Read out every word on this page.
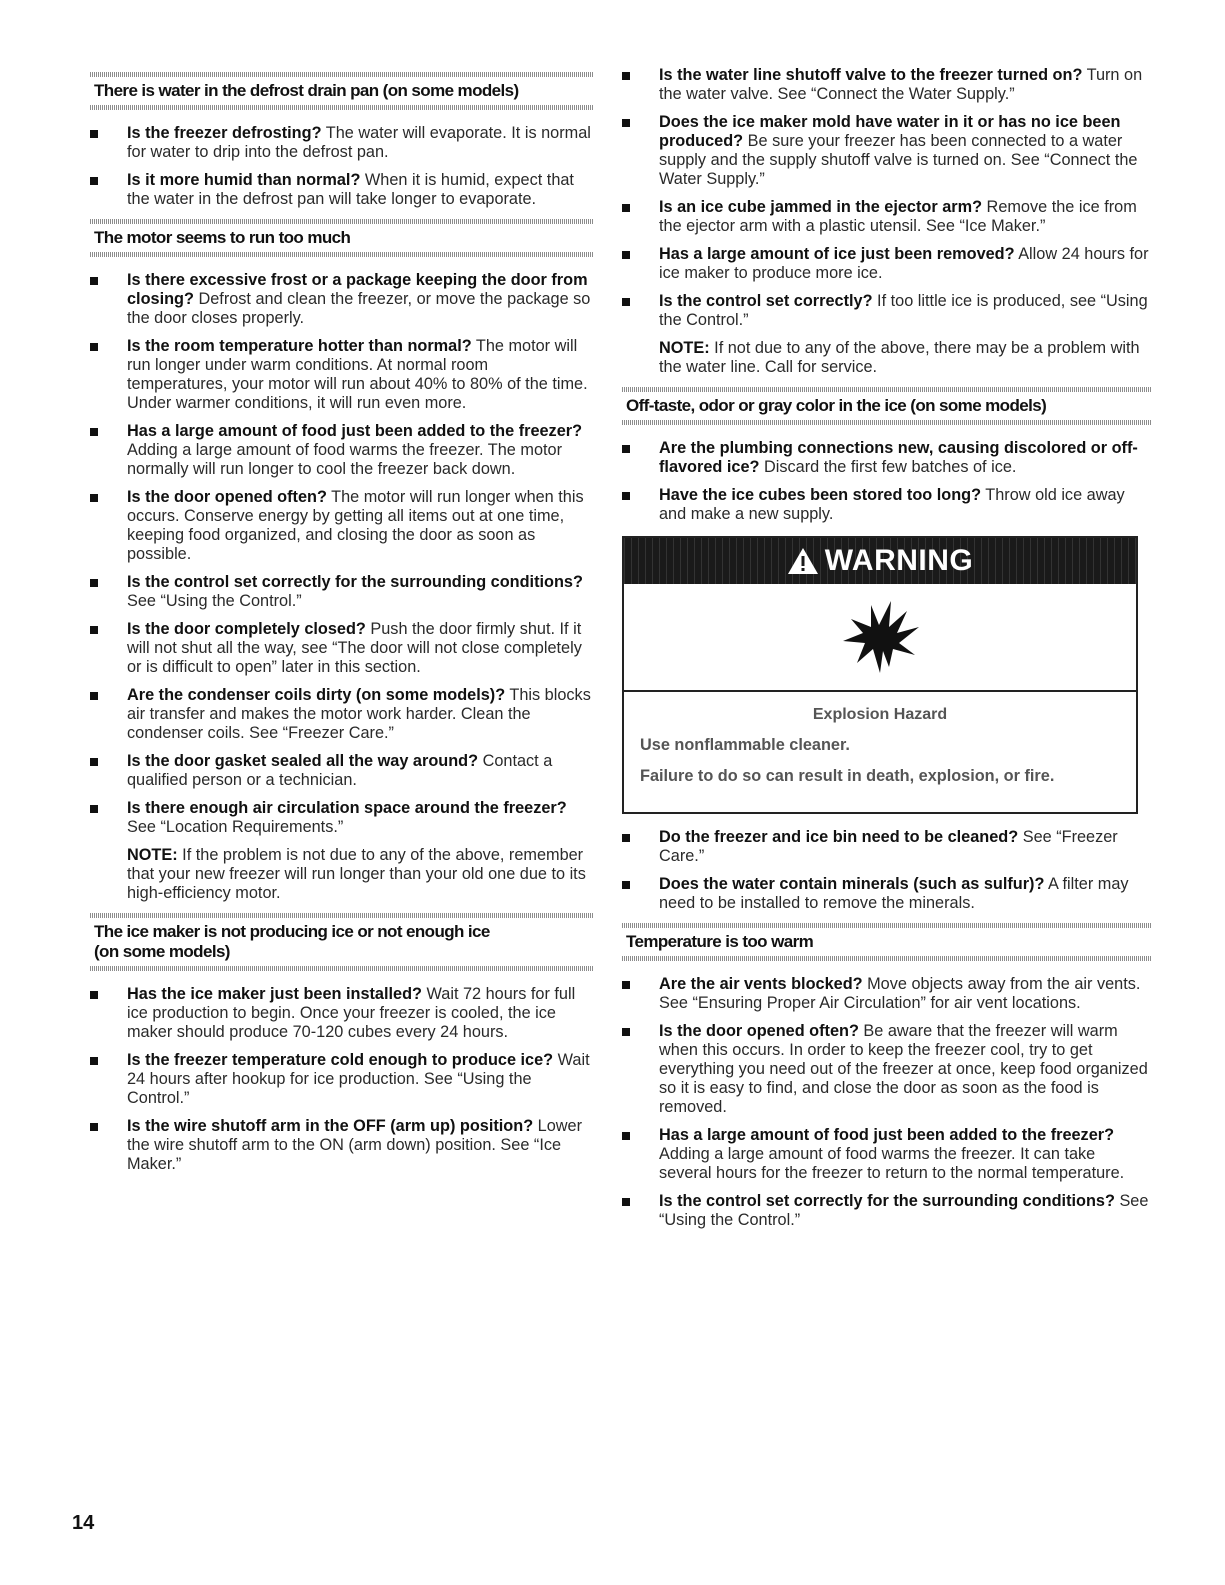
There is water in the defrost drain pan (on some models)
Is the freezer defrosting? The water will evaporate. It is normal for water to drip into the defrost pan.
Is it more humid than normal? When it is humid, expect that the water in the defrost pan will take longer to evaporate.
The motor seems to run too much
Is there excessive frost or a package keeping the door from closing? Defrost and clean the freezer, or move the package so the door closes properly.
Is the room temperature hotter than normal? The motor will run longer under warm conditions. At normal room temperatures, your motor will run about 40% to 80% of the time. Under warmer conditions, it will run even more.
Has a large amount of food just been added to the freezer? Adding a large amount of food warms the freezer. The motor normally will run longer to cool the freezer back down.
Is the door opened often? The motor will run longer when this occurs. Conserve energy by getting all items out at one time, keeping food organized, and closing the door as soon as possible.
Is the control set correctly for the surrounding conditions? See “Using the Control.”
Is the door completely closed? Push the door firmly shut. If it will not shut all the way, see “The door will not close completely or is difficult to open” later in this section.
Are the condenser coils dirty (on some models)? This blocks air transfer and makes the motor work harder. Clean the condenser coils. See “Freezer Care.”
Is the door gasket sealed all the way around? Contact a qualified person or a technician.
Is there enough air circulation space around the freezer? See “Location Requirements.”

NOTE: If the problem is not due to any of the above, remember that your new freezer will run longer than your old one due to its high-efficiency motor.

The ice maker is not producing ice or not enough ice
(on some models)
Has the ice maker just been installed? Wait 72 hours for full ice production to begin. Once your freezer is cooled, the ice maker should produce 70-120 cubes every 24 hours.
Is the freezer temperature cold enough to produce ice? Wait 24 hours after hookup for ice production. See “Using the Control.”
Is the wire shutoff arm in the OFF (arm up) position? Lower the wire shutoff arm to the ON (arm down) position. See “Ice Maker.”
Is the water line shutoff valve to the freezer turned on? Turn on the water valve. See “Connect the Water Supply.”
Does the ice maker mold have water in it or has no ice been produced? Be sure your freezer has been connected to a water supply and the supply shutoff valve is turned on. See “Connect the Water Supply.”
Is an ice cube jammed in the ejector arm? Remove the ice from the ejector arm with a plastic utensil. See “Ice Maker.”
Has a large amount of ice just been removed? Allow 24 hours for ice maker to produce more ice.
Is the control set correctly? If too little ice is produced, see “Using the Control.”

NOTE: If not due to any of the above, there may be a problem with the water line. Call for service.

Off-taste, odor or gray color in the ice (on some models)
Are the plumbing connections new, causing discolored or off-flavored ice? Discard the first few batches of ice.
Have the ice cubes been stored too long? Throw old ice away and make a new supply.
WARNING
Explosion Hazard
Use nonflammable cleaner.
Failure to do so can result in death, explosion, or fire.
Do the freezer and ice bin need to be cleaned? See “Freezer Care.”
Does the water contain minerals (such as sulfur)? A filter may need to be installed to remove the minerals.
Temperature is too warm
Are the air vents blocked? Move objects away from the air vents. See “Ensuring Proper Air Circulation” for air vent locations.
Is the door opened often? Be aware that the freezer will warm when this occurs. In order to keep the freezer cool, try to get everything you need out of the freezer at once, keep food organized so it is easy to find, and close the door as soon as the food is removed.
Has a large amount of food just been added to the freezer? Adding a large amount of food warms the freezer. It can take several hours for the freezer to return to the normal temperature.
Is the control set correctly for the surrounding conditions? See “Using the Control.”
14
